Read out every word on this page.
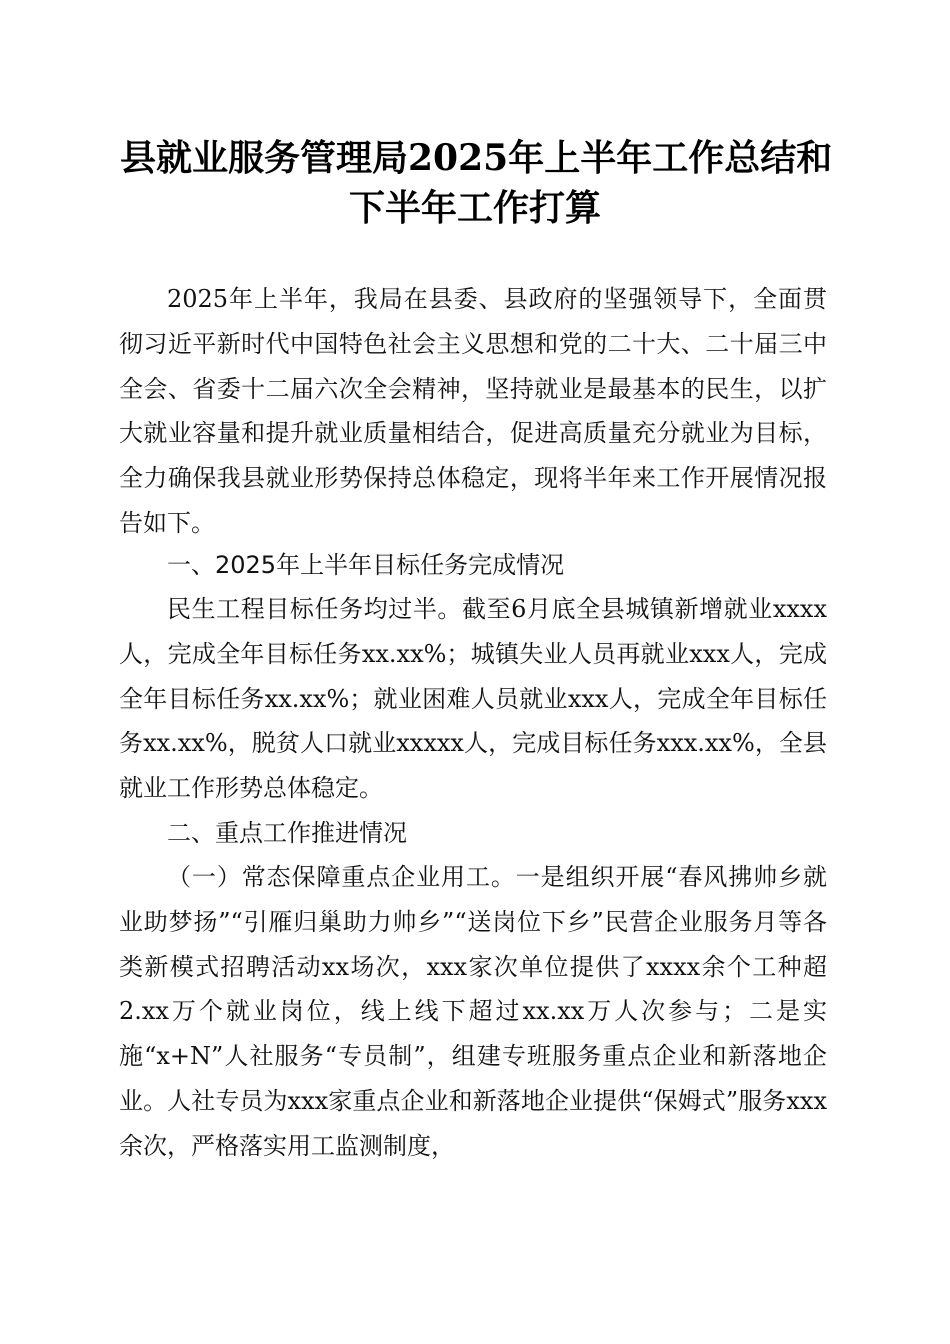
县就业服务管理局2025年上半年工作总结和
下半年工作打算

2025年上半年，我局在县委、县政府的坚强领导下，全面贯彻习近平新时代中国特色社会主义思想和党的二十大、二十届三中全会、省委十二届六次全会精神，坚持就业是最基本的民生，以扩大就业容量和提升就业质量相结合，促进高质量充分就业为目标，全力确保我县就业形势保持总体稳定，现将半年来工作开展情况报告如下。

一、2025年上半年目标任务完成情况

民生工程目标任务均过半。截至6月底全县城镇新增就业xxxx人，完成全年目标任务xx.xx%；城镇失业人员再就业xxx人，完成全年目标任务xx.xx%；就业困难人员就业xxx人，完成全年目标任务xx.xx%，脱贫人口就业xxxxx人，完成目标任务xxx.xx%，全县就业工作形势总体稳定。

二、重点工作推进情况

（一）常态保障重点企业用工。一是组织开展“春风拂帅乡就业助梦扬”“引雁归巢助力帅乡”“送岗位下乡”民营企业服务月等各类新模式招聘活动xx场次，xxx家次单位提供了xxxx余个工种超2.xx万个就业岗位，线上线下超过xx.xx万人次参与；二是实施“x+N”人社服务“专员制”，组建专班服务重点企业和新落地企业。人社专员为xxx家重点企业和新落地企业提供“保姆式”服务xxx余次，严格落实用工监测制度，
